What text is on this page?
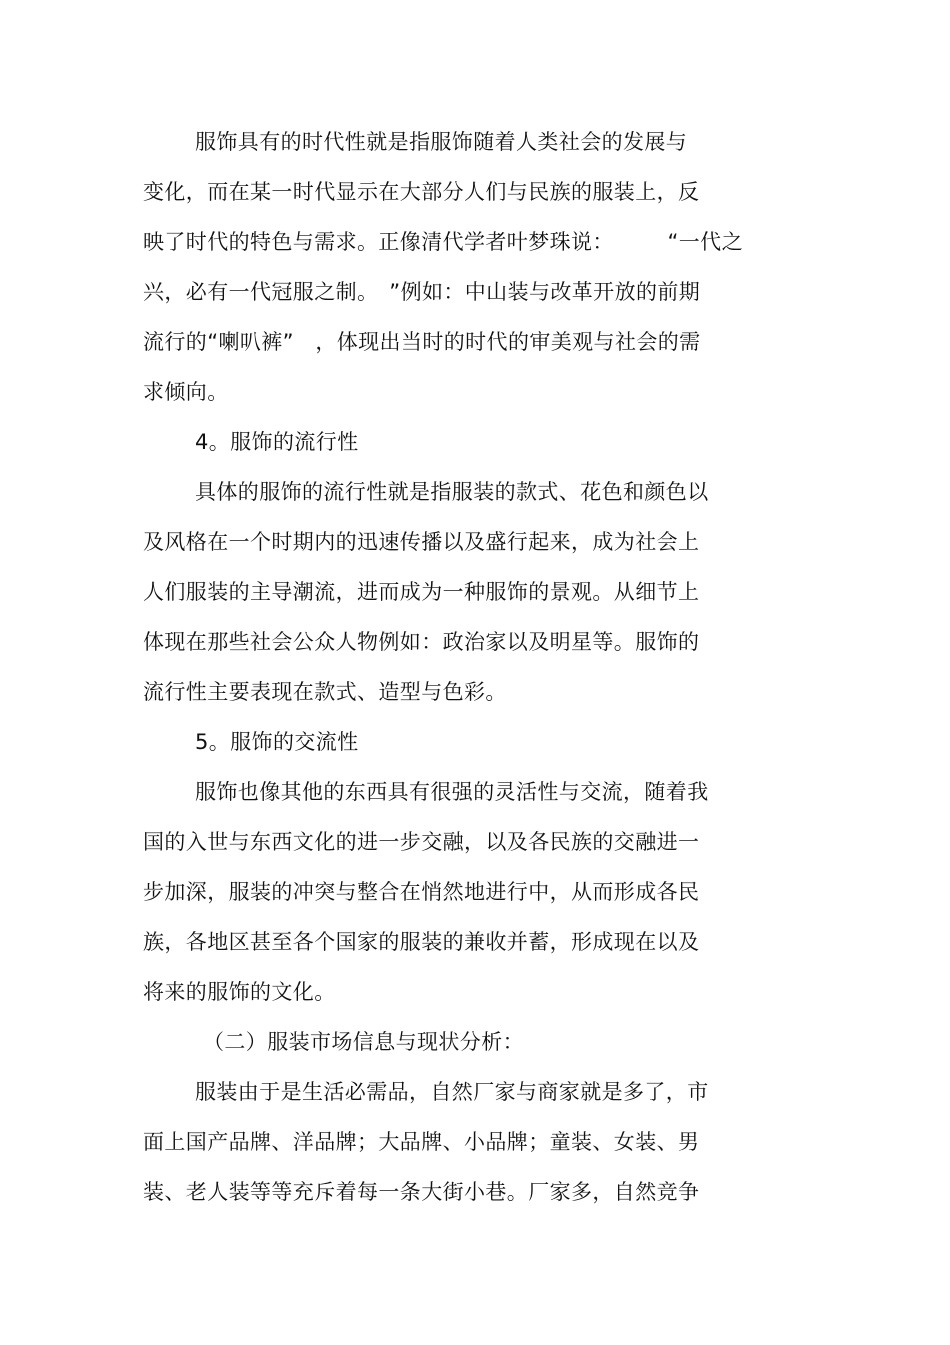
服饰具有的时代性就是指服饰随着人类社会的发展与
变化，而在某一时代显示在大部分人们与民族的服装上，反
映了时代的特色与需求。正像清代学者叶梦珠说：　　　“一代之
兴，必有一代冠服之制。　”例如：中山装与改革开放的前期
流行的“喇叭裤”　，体现出当时的时代的审美观与社会的需
求倾向。
4。服饰的流行性
具体的服饰的流行性就是指服装的款式、花色和颜色以
及风格在一个时期内的迅速传播以及盛行起来，成为社会上
人们服装的主导潮流，进而成为一种服饰的景观。从细节上
体现在那些社会公众人物例如：政治家以及明星等。服饰的
流行性主要表现在款式、造型与色彩。
5。服饰的交流性
服饰也像其他的东西具有很强的灵活性与交流，随着我
国的入世与东西文化的进一步交融，以及各民族的交融进一
步加深，服装的冲突与整合在悄然地进行中，从而形成各民
族，各地区甚至各个国家的服装的兼收并蓄，形成现在以及
将来的服饰的文化。
（二）服装市场信息与现状分析：
服装由于是生活必需品，自然厂家与商家就是多了，市
面上国产品牌、洋品牌；大品牌、小品牌；童装、女装、男
装、老人装等等充斥着每一条大街小巷。厂家多，自然竞争
